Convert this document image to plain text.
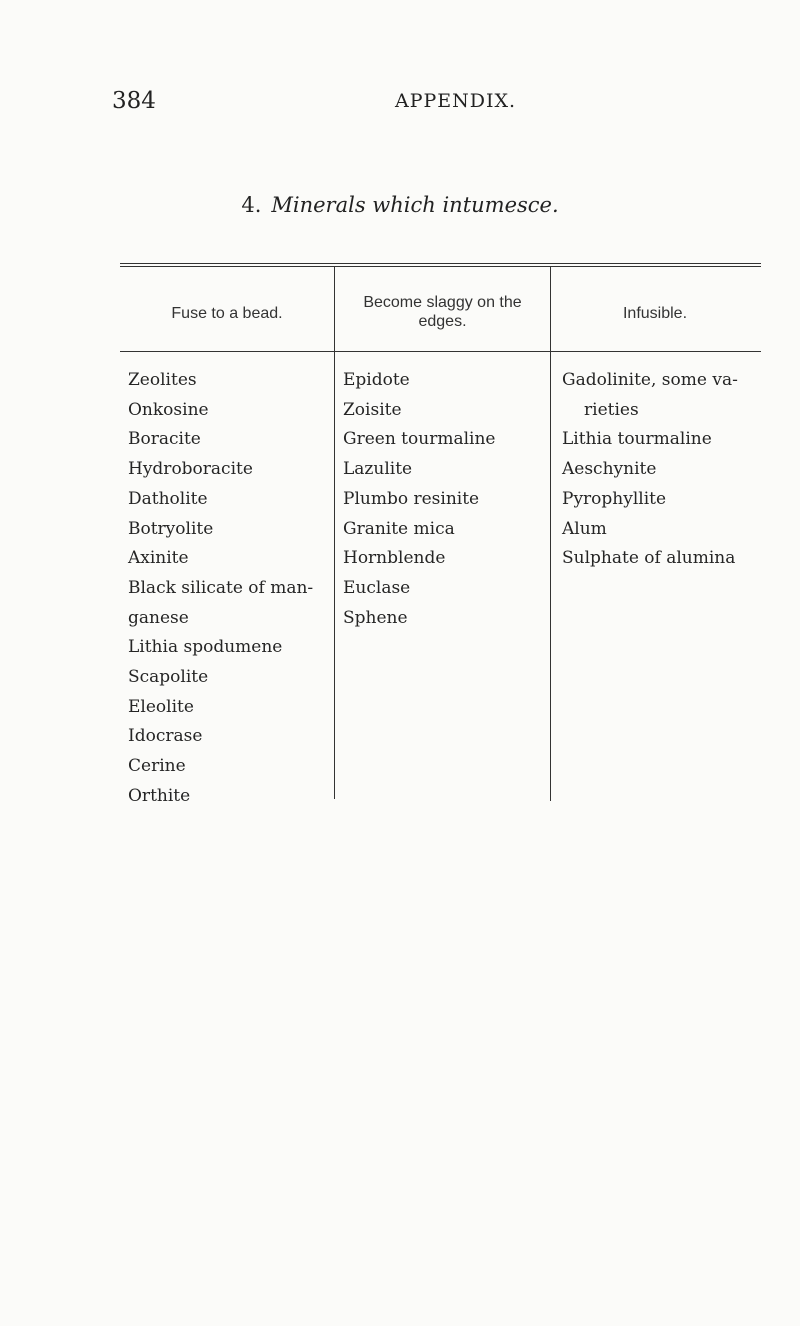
384	APPENDIX.
4. Minerals which intumesce.
Fuse to a bead.
Become slaggy on the edges.	Infusible.
Zeolites
Onkosine
Boracite
Hydroboracite
Datholite
Botryolite
Axinite
Black silicate of man-
ganese
Lithia spodumene
Scapolite
Eleolite
Idocrase
Cerine
Orthite
Epidote
Zoisite
Green tourmaline
Lazulite
Plumbo resinite
Granite mica
Hornblende
Euclase
Sphene
Gadolinite, some va-
rieties
Lithia tourmaline
Aeschynite
Pyrophyllite
Alum
Sulphate of alumina
